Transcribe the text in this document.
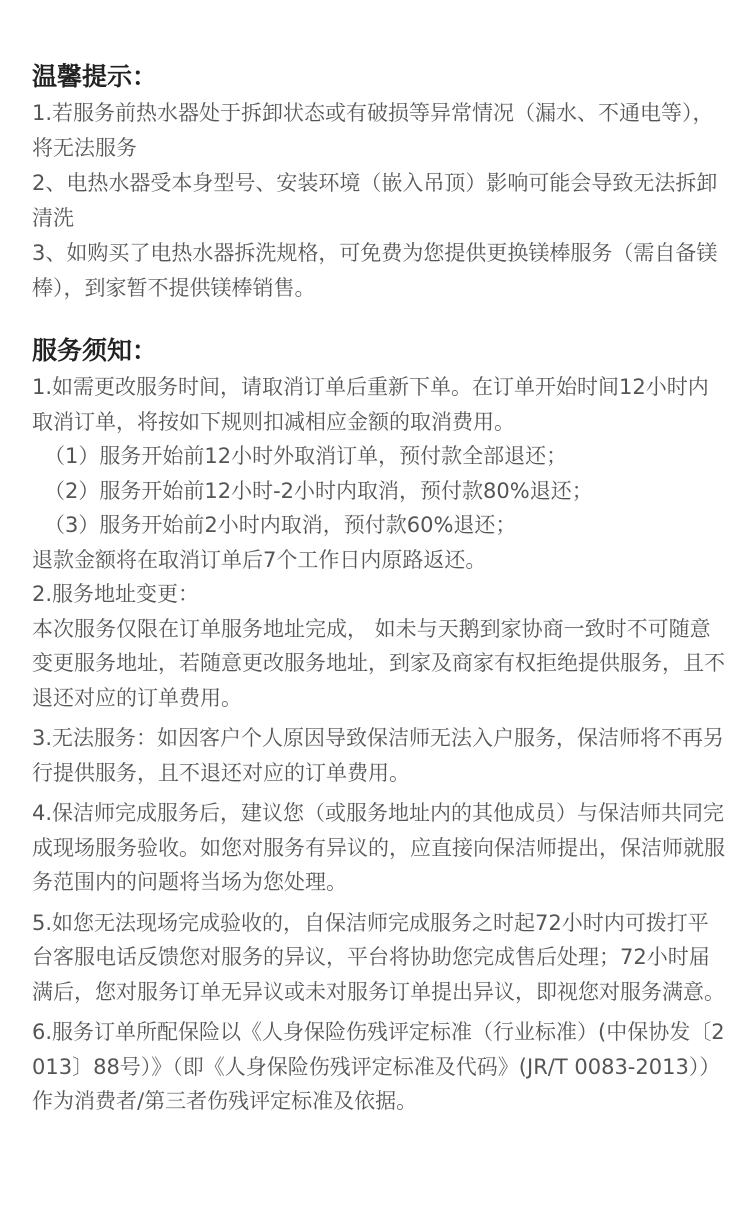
温馨提示：

1.若服务前热水器处于拆卸状态或有破损等异常情况（漏水、不通电等），将无法服务

2、电热水器受本身型号、安装环境（嵌入吊顶）影响可能会导致无法拆卸清洗

3、如购买了电热水器拆洗规格，可免费为您提供更换镁棒服务（需自备镁棒），到家暂不提供镁棒销售。

服务须知：

1.如需更改服务时间，请取消订单后重新下单。在订单开始时间12小时内取消订单，将按如下规则扣减相应金额的取消费用。

（1）服务开始前12小时外取消订单，预付款全部退还；

（2）服务开始前12小时-2小时内取消，预付款80%退还；

（3）服务开始前2小时内取消，预付款60%退还；

退款金额将在取消订单后7个工作日内原路返还。

2.服务地址变更：

本次服务仅限在订单服务地址完成， 如未与天鹅到家协商一致时不可随意变更服务地址，若随意更改服务地址，到家及商家有权拒绝提供服务，且不退还对应的订单费用。

3.无法服务：如因客户个人原因导致保洁师无法入户服务，保洁师将不再另行提供服务，且不退还对应的订单费用。

4.保洁师完成服务后，建议您（或服务地址内的其他成员）与保洁师共同完成现场服务验收。如您对服务有异议的，应直接向保洁师提出，保洁师就服务范围内的问题将当场为您处理。

5.如您无法现场完成验收的，自保洁师完成服务之时起72小时内可拨打平台客服电话反馈您对服务的异议，平台将协助您完成售后处理；72小时届满后，您对服务订单无异议或未对服务订单提出异议，即视您对服务满意。

6.服务订单所配保险以《人身保险伤残评定标准（行业标准）(中保协发〔2013〕88号）》（即《人身保险伤残评定标准及代码》(JR/T 0083-2013））作为消费者/第三者伤残评定标准及依据。
